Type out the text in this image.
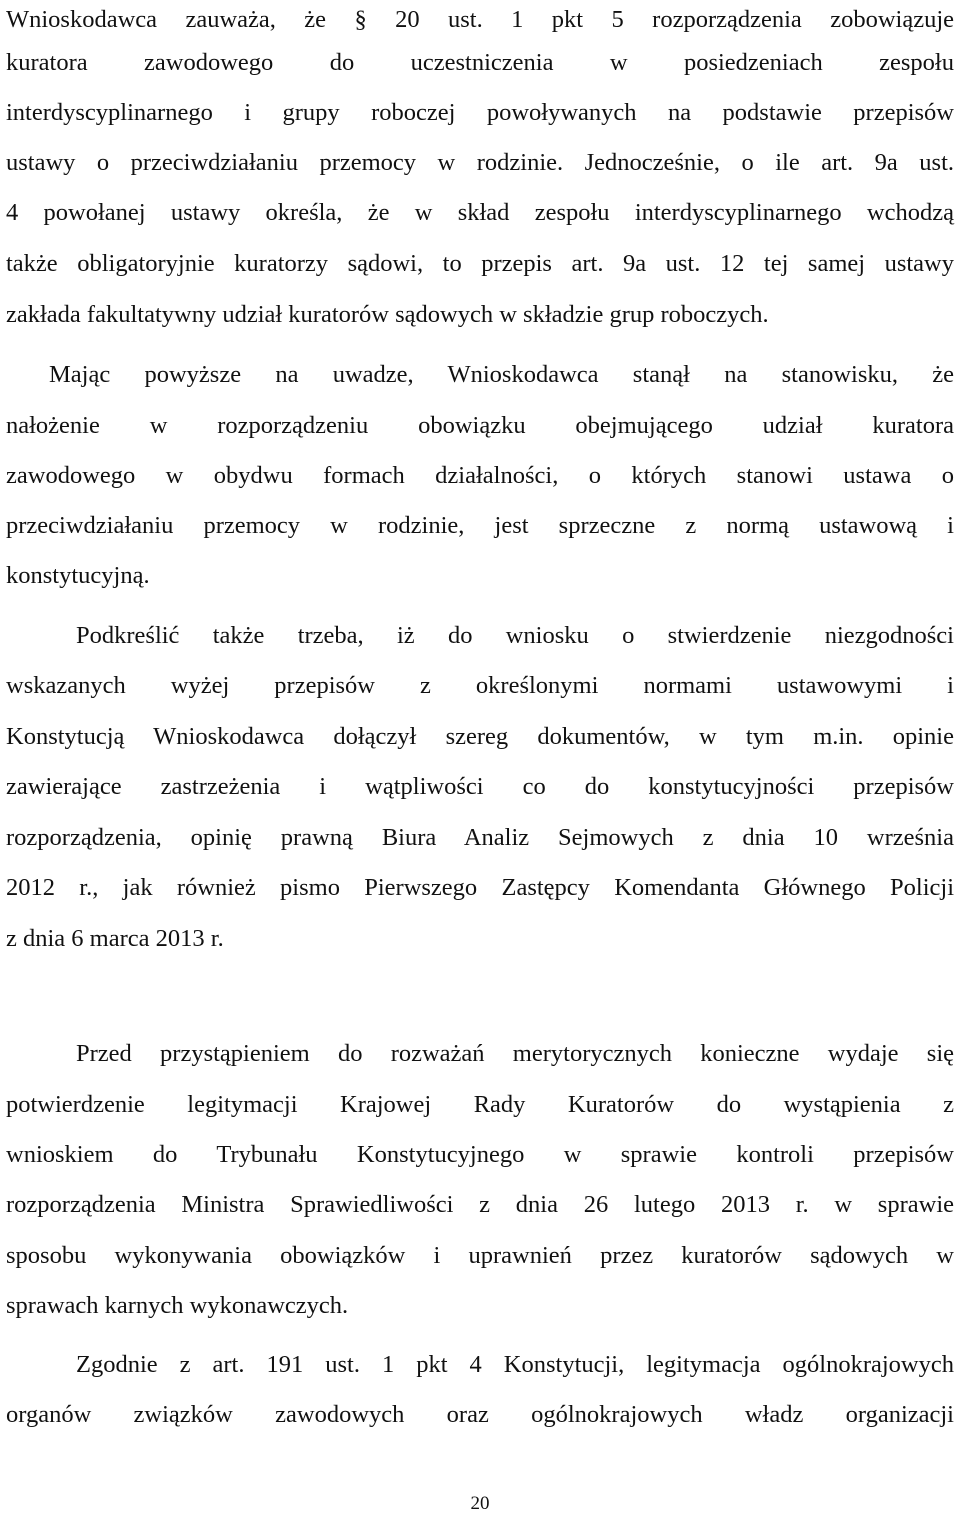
Wnioskodawca zauważa, że § 20 ust. 1 pkt 5 rozporządzenia zobowiązuje
kuratora zawodowego do uczestniczenia w posiedzeniach zespołu
interdyscyplinarnego i grupy roboczej powoływanych na podstawie przepisów
ustawy o przeciwdziałaniu przemocy w rodzinie. Jednocześnie, o ile art. 9a ust.
4 powołanej ustawy określa, że w skład zespołu interdyscyplinarnego wchodzą
także obligatoryjnie kuratorzy sądowi, to przepis art. 9a ust. 12 tej samej ustawy
zakłada fakultatywny udział kuratorów sądowych w składzie grup roboczych.
Mając powyższe na uwadze, Wnioskodawca stanął na stanowisku, że
nałożenie w rozporządzeniu obowiązku obejmującego udział kuratora
zawodowego w obydwu formach działalności, o których stanowi ustawa o
przeciwdziałaniu przemocy w rodzinie, jest sprzeczne z normą ustawową i
konstytucyjną.
Podkreślić także trzeba, iż do wniosku o stwierdzenie niezgodności
wskazanych wyżej przepisów z określonymi normami ustawowymi i
Konstytucją Wnioskodawca dołączył szereg dokumentów, w tym m.in. opinie
zawierające zastrzeżenia i wątpliwości co do konstytucyjności przepisów
rozporządzenia, opinię prawną Biura Analiz Sejmowych z dnia 10 września
2012 r., jak również pismo Pierwszego Zastępcy Komendanta Głównego Policji
z dnia 6 marca 2013 r.
Przed przystąpieniem do rozważań merytorycznych konieczne wydaje się
potwierdzenie legitymacji Krajowej Rady Kuratorów do wystąpienia z
wnioskiem do Trybunału Konstytucyjnego w sprawie kontroli przepisów
rozporządzenia Ministra Sprawiedliwości z dnia 26 lutego 2013 r. w sprawie
sposobu wykonywania obowiązków i uprawnień przez kuratorów sądowych w
sprawach karnych wykonawczych.
Zgodnie z art. 191 ust. 1 pkt 4 Konstytucji, legitymacja ogólnokrajowych
organów związków zawodowych oraz ogólnokrajowych władz organizacji
20
